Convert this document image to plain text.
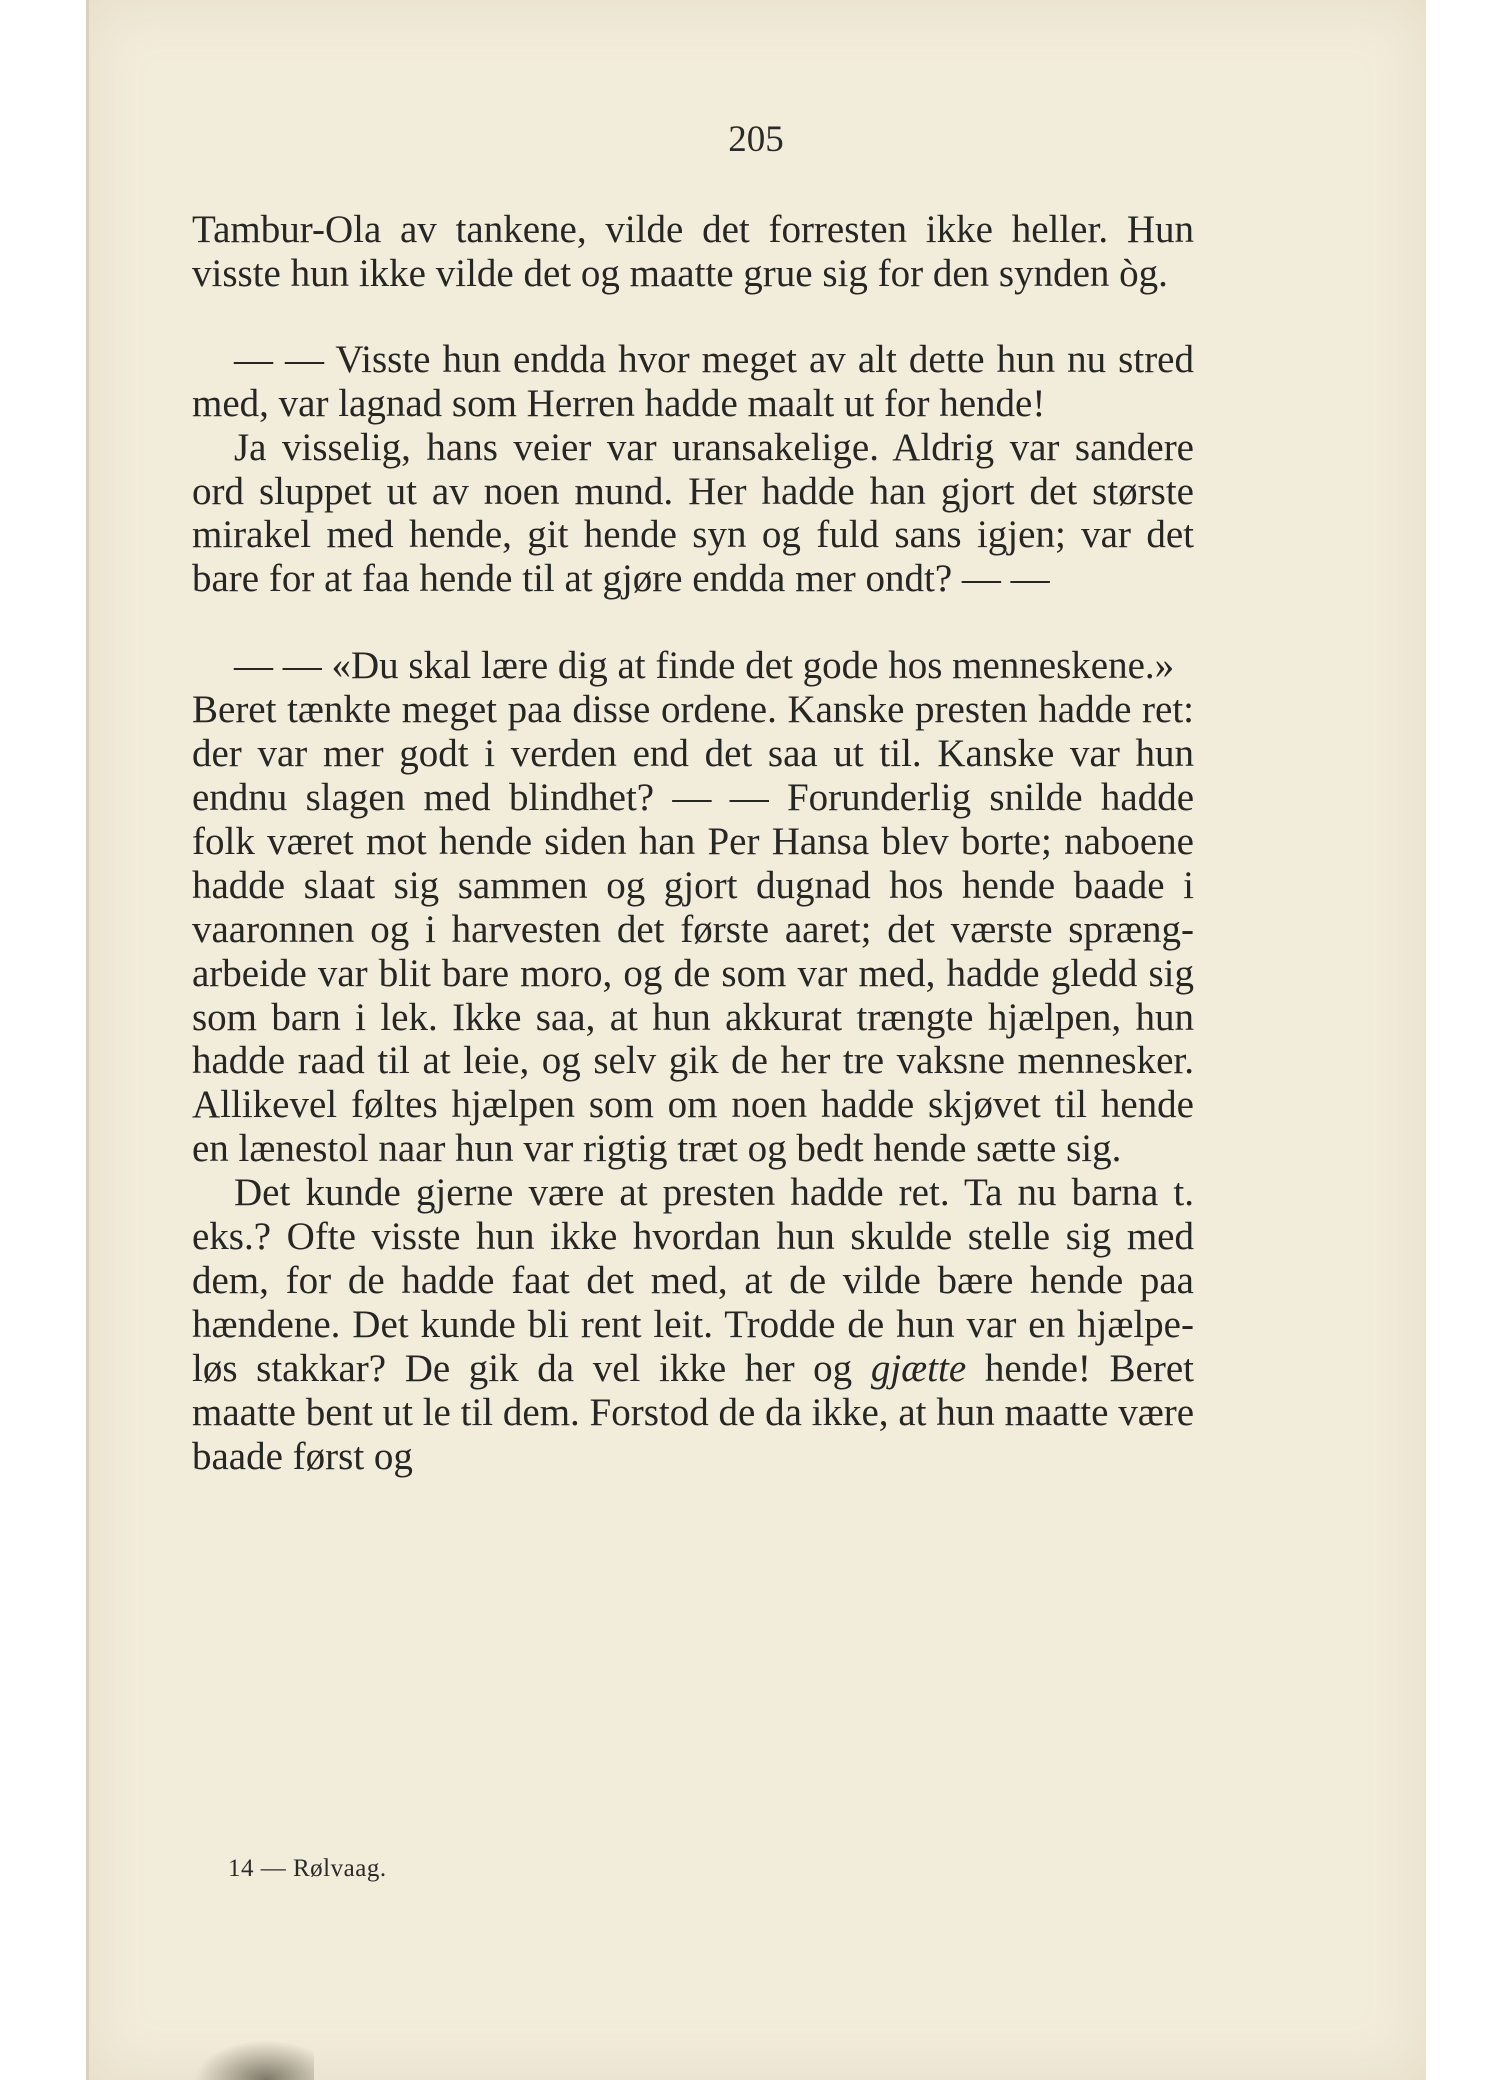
205

Tambur-Ola av tankene, vilde det forresten ikke heller. Hun visste hun ikke vilde det og maatte grue sig for den synden òg.

— — Visste hun endda hvor meget av alt dette hun nu stred med, var lagnad som Herren hadde maalt ut for hende!

Ja visselig, hans veier var uransakelige. Aldrig var sandere ord sluppet ut av noen mund. Her hadde han gjort det største mirakel med hende, git hende syn og fuld sans igjen; var det bare for at faa hende til at gjøre endda mer ondt? — —

— — «Du skal lære dig at finde det gode hos menneskene.»

Beret tænkte meget paa disse ordene. Kanske presten hadde ret: der var mer godt i verden end det saa ut til. Kanske var hun endnu slagen med blindhet? — — Forunderlig snilde hadde folk været mot hende siden han Per Hansa blev borte; naboene hadde slaat sig sammen og gjort dugnad hos hende baade i vaaronnen og i harvesten det første aaret; det værste sprængarbeide var blit bare moro, og de som var med, hadde gledd sig som barn i lek. Ikke saa, at hun akkurat trængte hjælpen, hun hadde raad til at leie, og selv gik de her tre vaksne mennesker. Allikevel føltes hjælpen som om noen hadde skjøvet til hende en lænestol naar hun var rigtig træt og bedt hende sætte sig.

Det kunde gjerne være at presten hadde ret. Ta nu barna t. eks.? Ofte visste hun ikke hvordan hun skulde stelle sig med dem, for de hadde faat det med, at de vilde bære hende paa hændene. Det kunde bli rent leit. Trodde de hun var en hjælpeløs stakkar? De gik da vel ikke her og gjætte hende! Beret maatte bent ut le til dem. Forstod de da ikke, at hun maatte være baade først og

14 — Rølvaag.
